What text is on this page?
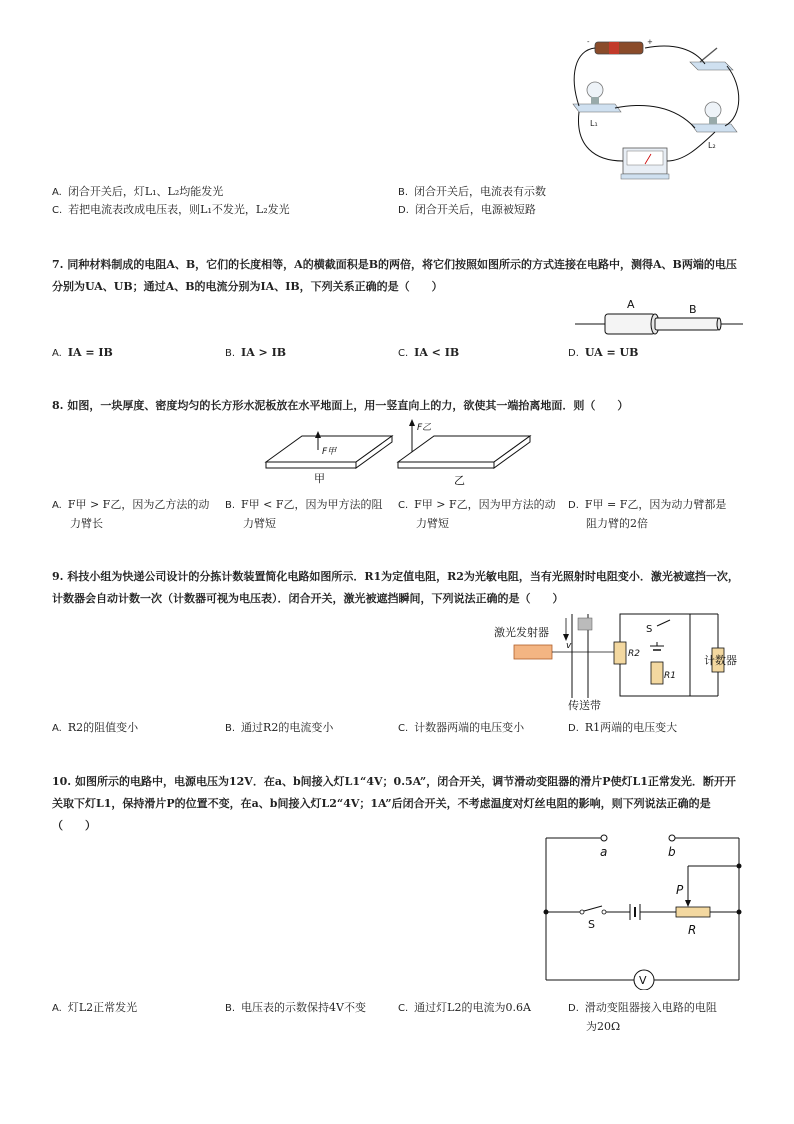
-	+
L₁
L₂
A. 闭合开关后，灯L₁、L₂均能发光	B. 闭合开关后，电流表有示数
C. 若把电流表改成电压表，则L₁不发光，L₂发光	D. 闭合开关后，电源被短路
7. 同种材料制成的电阻A、B，它们的长度相等，A的横截面积是B的两倍，将它们按照如图所示的方式连接在电路中，测得A、B两端的电压分别为UA、UB；通过A、B的电流分别为IA、IB，下列关系正确的是（　　）
A	B
A. IA = IB	B. IA > IB	C. IA < IB	D. UA = UB
8. 如图，一块厚度、密度均匀的长方形水泥板放在水平地面上，用一竖直向上的力，欲使其一端抬离地面．则（　　）
F甲
甲
F乙
乙
A. F甲 > F乙，因为乙方法的动
力臂长
B. F甲 < F乙，因为甲方法的阻
力臂短
C. F甲 > F乙，因为甲方法的动
力臂短
D. F甲 = F乙，因为动力臂都是
阻力臂的2倍
9. 科技小组为快递公司设计的分拣计数装置简化电路如图所示．R1为定值电阻，R2为光敏电阻，当有光照射时电阻变小．激光被遮挡一次，计数器会自动计数一次（计数器可视为电压表）．闭合开关，激光被遮挡瞬间，下列说法正确的是（　　）
激光发射器
v
传送带
R2
S
R1
计数器
A. R2的阻值变小	B. 通过R2的电流变小	C. 计数器两端的电压变小	D. R1两端的电压变大
10. 如图所示的电路中，电源电压为12V．在a、b间接入灯L1“4V；0.5A”，闭合开关，调节滑动变阻器的滑片P使灯L1正常发光．断开开关取下灯L1，保持滑片P的位置不变，在a、b间接入灯L2“4V；1A”后闭合开关，不考虑温度对灯丝电阻的影响，则下列说法正确的是（　　）
a	b
S
P
R
V
A. 灯L2正常发光	B. 电压表的示数保持4V不变	C. 通过灯L2的电流为0.6A	D. 滑动变阻器接入电路的电阻
为20Ω
